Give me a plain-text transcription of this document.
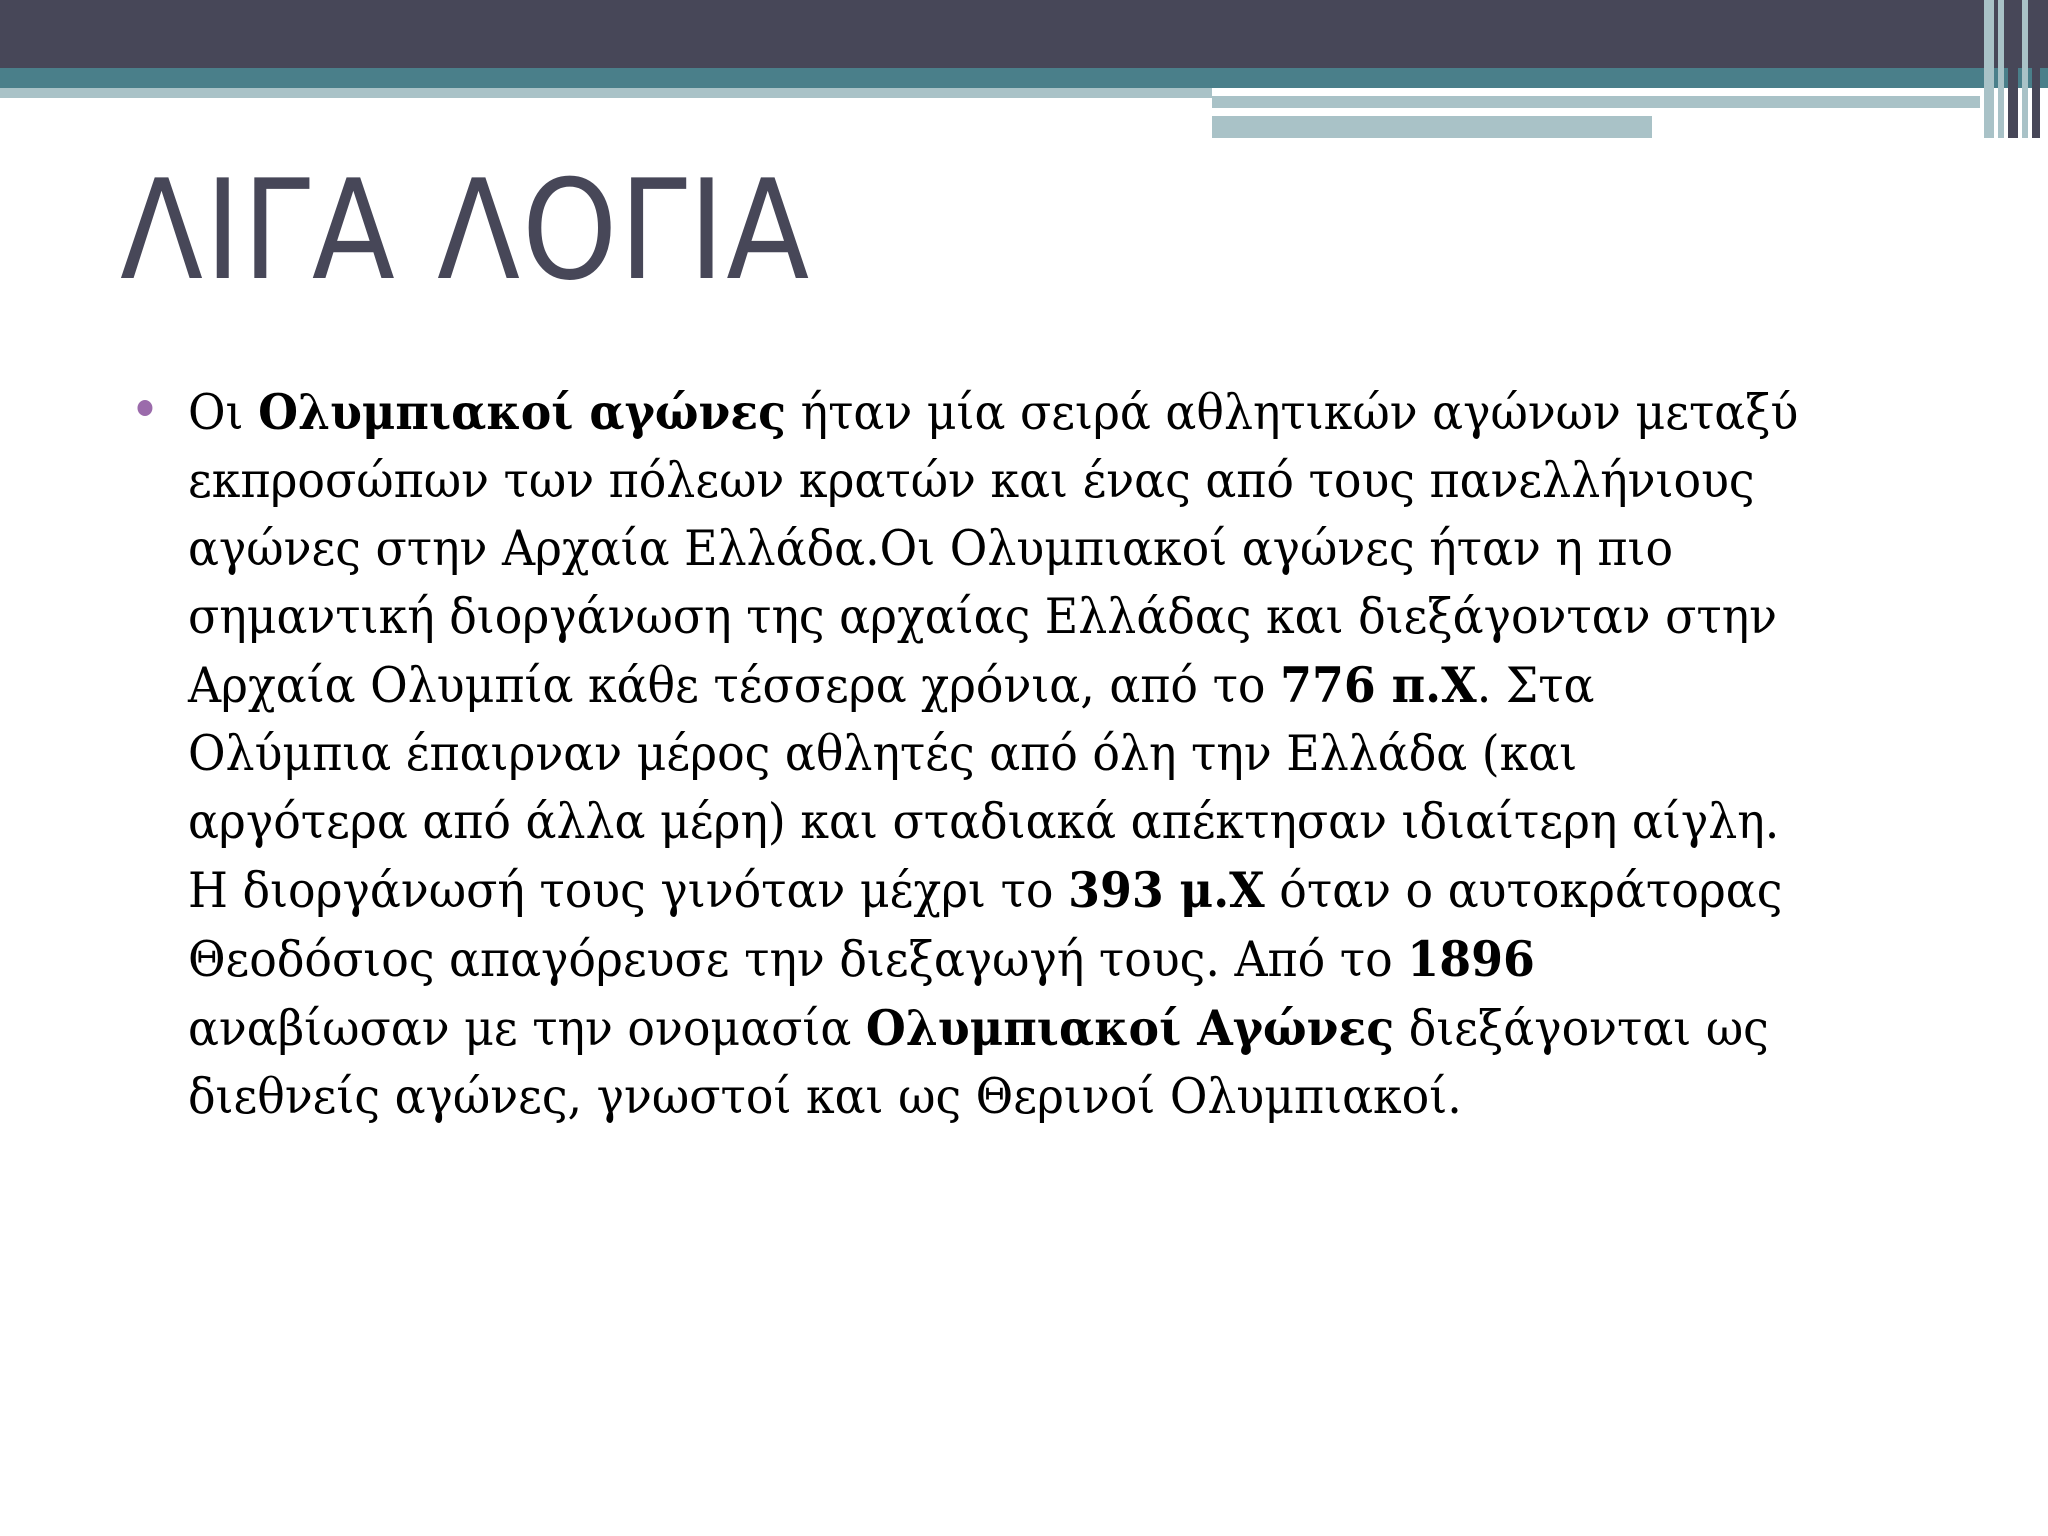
ΛΙΓΑ ΛΟΓΙΑ
Οι Ολυμπιακοί αγώνες ήταν μία σειρά αθλητικών αγώνων μεταξύ
εκπροσώπων των πόλεων κρατών και ένας από τους πανελλήνιους
αγώνες στην Αρχαία Ελλάδα.Οι Ολυμπιακοί αγώνες ήταν η πιο
σημαντική διοργάνωση της αρχαίας Ελλάδας και διεξάγονταν στην
Αρχαία Ολυμπία κάθε τέσσερα χρόνια, από το 776 π.Χ. Στα
Ολύμπια έπαιρναν μέρος αθλητές από όλη την Ελλάδα (και
αργότερα από άλλα μέρη) και σταδιακά απέκτησαν ιδιαίτερη αίγλη.
Η διοργάνωσή τους γινόταν μέχρι το 393 μ.Χ όταν ο αυτοκράτορας
Θεοδόσιος απαγόρευσε την διεξαγωγή τους. Από το 1896
αναβίωσαν με την ονομασία Ολυμπιακοί Αγώνες διεξάγονται ως
διεθνείς αγώνες, γνωστοί και ως Θερινοί Ολυμπιακοί.
